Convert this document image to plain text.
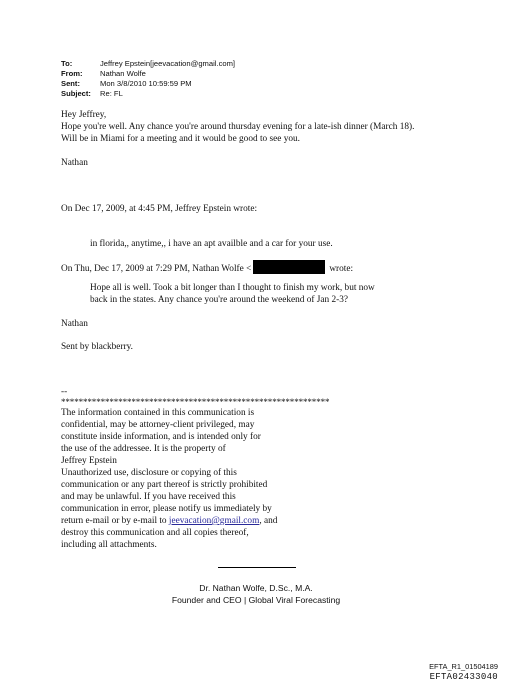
To:	Jeffrey Epstein[jeevacation@gmail.com]
From:	Nathan Wolfe
Sent:	Mon 3/8/2010 10:59:59 PM
Subject:	Re: FL
Hey Jeffrey,
Hope you're well. Any chance you're around thursday evening for a late-ish dinner (March 18).
Will be in Miami for a meeting and it would be good to see you.
Nathan
On Dec 17, 2009, at 4:45 PM, Jeffrey Epstein wrote:
in florida,, anytime,, i have an apt availble and a car for your use.
On Thu, Dec 17, 2009 at 7:29 PM, Nathan Wolfe <	wrote:
Hope all is well. Took a bit longer than I thought to finish my work, but now
back in the states. Any chance you're around the weekend of Jan 2-3?
Nathan
Sent by blackberry.
--
*************************************************************
The information contained in this communication is
confidential, may be attorney-client privileged, may
constitute inside information, and is intended only for
the use of the addressee. It is the property of
Jeffrey Epstein
Unauthorized use, disclosure or copying of this
communication or any part thereof is strictly prohibited
and may be unlawful. If you have received this
communication in error, please notify us immediately by
return e-mail or by e-mail to jeevacation@gmail.com, and
destroy this communication and all copies thereof,
including all attachments.
Dr. Nathan Wolfe, D.Sc., M.A.
Founder and CEO | Global Viral Forecasting
EFTA_R1_01504189
EFTA02433040
